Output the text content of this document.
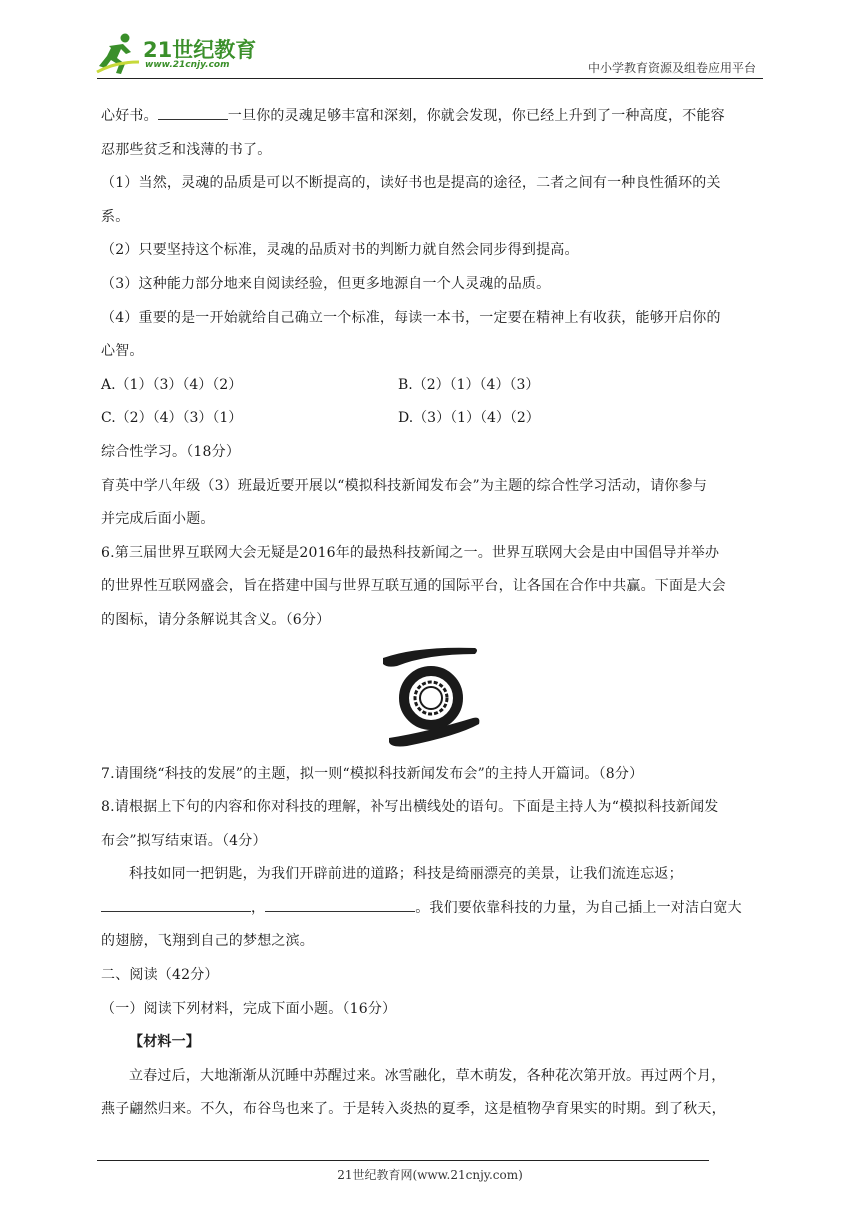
21世纪教育
www.21cnjy.com	中小学教育资源及组卷应用平台
心好书。	一旦你的灵魂足够丰富和深刻，你就会发现，你已经上升到了一种高度，不能容
忍那些贫乏和浅薄的书了。
（1）当然，灵魂的品质是可以不断提高的，读好书也是提高的途径，二者之间有一种良性循环的关
系。
（2）只要坚持这个标准，灵魂的品质对书的判断力就自然会同步得到提高。
（3）这种能力部分地来自阅读经验，但更多地源自一个人灵魂的品质。
（4）重要的是一开始就给自己确立一个标准，每读一本书，一定要在精神上有收获，能够开启你的
心智。
A.（1）（3）（4）（2）	B.（2）（1）（4）（3）
C.（2）（4）（3）（1）	D.（3）（1）（4）（2）
综合性学习。（18分）
育英中学八年级（3）班最近要开展以“模拟科技新闻发布会”为主题的综合性学习活动，请你参与
并完成后面小题。
6.第三届世界互联网大会无疑是2016年的最热科技新闻之一。世界互联网大会是由中国倡导并举办
的世界性互联网盛会，旨在搭建中国与世界互联互通的国际平台，让各国在合作中共赢。下面是大会
的图标，请分条解说其含义。（6分）
7.请围绕“科技的发展”的主题，拟一则“模拟科技新闻发布会”的主持人开篇词。（8分）
8.请根据上下句的内容和你对科技的理解，补写出横线处的语句。下面是主持人为“模拟科技新闻发
布会”拟写结束语。（4分）
科技如同一把钥匙，为我们开辟前进的道路；科技是绮丽漂亮的美景，让我们流连忘返；
，	。我们要依靠科技的力量，为自己插上一对洁白宽大
的翅膀，飞翔到自己的梦想之滨。
二、阅读（42分）
（一）阅读下列材料，完成下面小题。（16分）
【材料一】
立春过后，大地渐渐从沉睡中苏醒过来。冰雪融化，草木萌发，各种花次第开放。再过两个月，
燕子翩然归来。不久，布谷鸟也来了。于是转入炎热的夏季，这是植物孕育果实的时期。到了秋天，
21世纪教育网(www.21cnjy.com)
